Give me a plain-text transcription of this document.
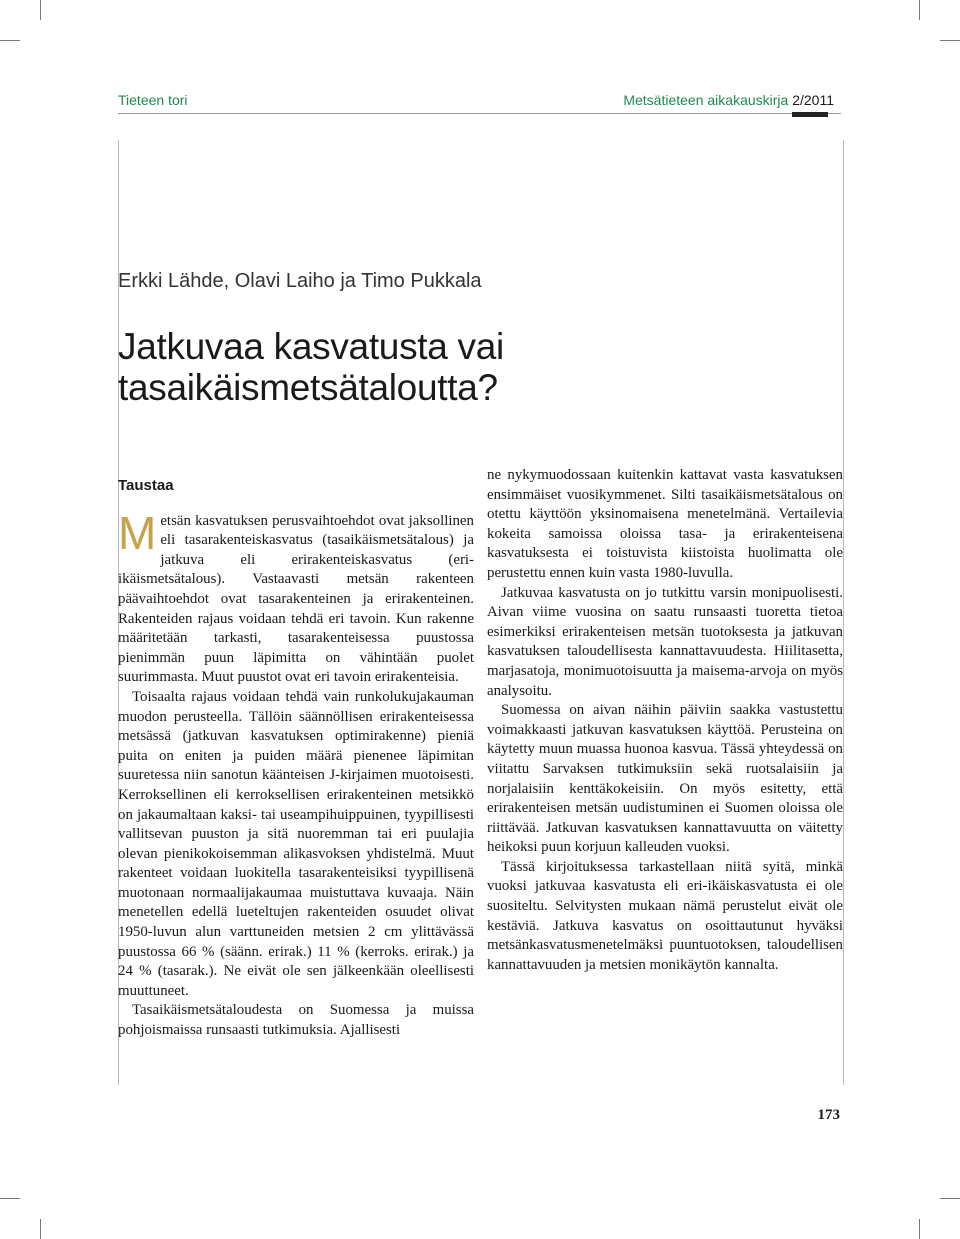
Tieteen tori	Metsätieteen aikakauskirja 2/2011
Erkki Lähde, Olavi Laiho ja Timo Pukkala
Jatkuvaa kasvatusta vai
tasaikäismetsätaloutta?
Taustaa

Metsän kasvatuksen perusvaihtoehdot ovat jaksollinen eli tasarakenteiskasvatus (tasaikäismetsätalous) ja jatkuva eli erirakenteiskasvatus (eri-ikäismetsätalous). Vastaavasti metsän rakenteen päävaihtoehdot ovat tasarakenteinen ja erirakenteinen. Rakenteiden rajaus voidaan tehdä eri tavoin. Kun rakenne määritetään tarkasti, tasarakenteisessa puustossa pienimmän puun läpimitta on vähintään puolet suurimmasta. Muut puustot ovat eri tavoin erirakenteisia.

Toisaalta rajaus voidaan tehdä vain runkolukujakauman muodon perusteella. Tällöin säännöllisen erirakenteisessa metsässä (jatkuvan kasvatuksen optimirakenne) pieniä puita on eniten ja puiden määrä pienenee läpimitan suuretessa niin sanotun käänteisen J-kirjaimen muotoisesti. Kerroksellinen eli kerroksellisen erirakenteinen metsikkö on jakaumaltaan kaksi- tai useampihuippuinen, tyypillisesti vallitsevan puuston ja sitä nuoremman tai eri puulajia olevan pienikokoisemman alikasvoksen yhdistelmä. Muut rakenteet voidaan luokitella tasarakenteisiksi tyypillisenä muotonaan normaalijakaumaa muistuttava kuvaaja. Näin menetellen edellä lueteltujen rakenteiden osuudet olivat 1950-luvun alun varttuneiden metsien 2 cm ylittävässä puustossa 66 % (säänn. erirak.) 11 % (kerroks. erirak.) ja 24 % (tasarak.). Ne eivät ole sen jälkeenkään oleellisesti muuttuneet.

Tasaikäismetsätaloudesta on Suomessa ja muissa pohjoismaissa runsaasti tutkimuksia. Ajallisesti

ne nykymuodossaan kuitenkin kattavat vasta kasvatuksen ensimmäiset vuosikymmenet. Silti tasaikäismetsätalous on otettu käyttöön yksinomaisena menetelmänä. Vertailevia kokeita samoissa oloissa tasa- ja erirakenteisena kasvatuksesta ei toistuvista kiistoista huolimatta ole perustettu ennen kuin vasta 1980-luvulla.

Jatkuvaa kasvatusta on jo tutkittu varsin monipuolisesti. Aivan viime vuosina on saatu runsaasti tuoretta tietoa esimerkiksi erirakenteisen metsän tuotoksesta ja jatkuvan kasvatuksen taloudellisesta kannattavuudesta. Hiilitasetta, marjasatoja, monimuotoisuutta ja maisema-arvoja on myös analysoitu.

Suomessa on aivan näihin päiviin saakka vastustettu voimakkaasti jatkuvan kasvatuksen käyttöä. Perusteina on käytetty muun muassa huonoa kasvua. Tässä yhteydessä on viitattu Sarvaksen tutkimuksiin sekä ruotsalaisiin ja norjalaisiin kenttäkokeisiin. On myös esitetty, että erirakenteisen metsän uudistuminen ei Suomen oloissa ole riittävää. Jatkuvan kasvatuksen kannattavuutta on väitetty heikoksi puun korjuun kalleuden vuoksi.

Tässä kirjoituksessa tarkastellaan niitä syitä, minkä vuoksi jatkuvaa kasvatusta eli eri-ikäiskasvatusta ei ole suositeltu. Selvitysten mukaan nämä perustelut eivät ole kestäviä. Jatkuva kasvatus on osoittautunut hyväksi metsänkasvatusmenetelmäksi puuntuotoksen, taloudellisen kannattavuuden ja metsien monikäytön kannalta.

173
